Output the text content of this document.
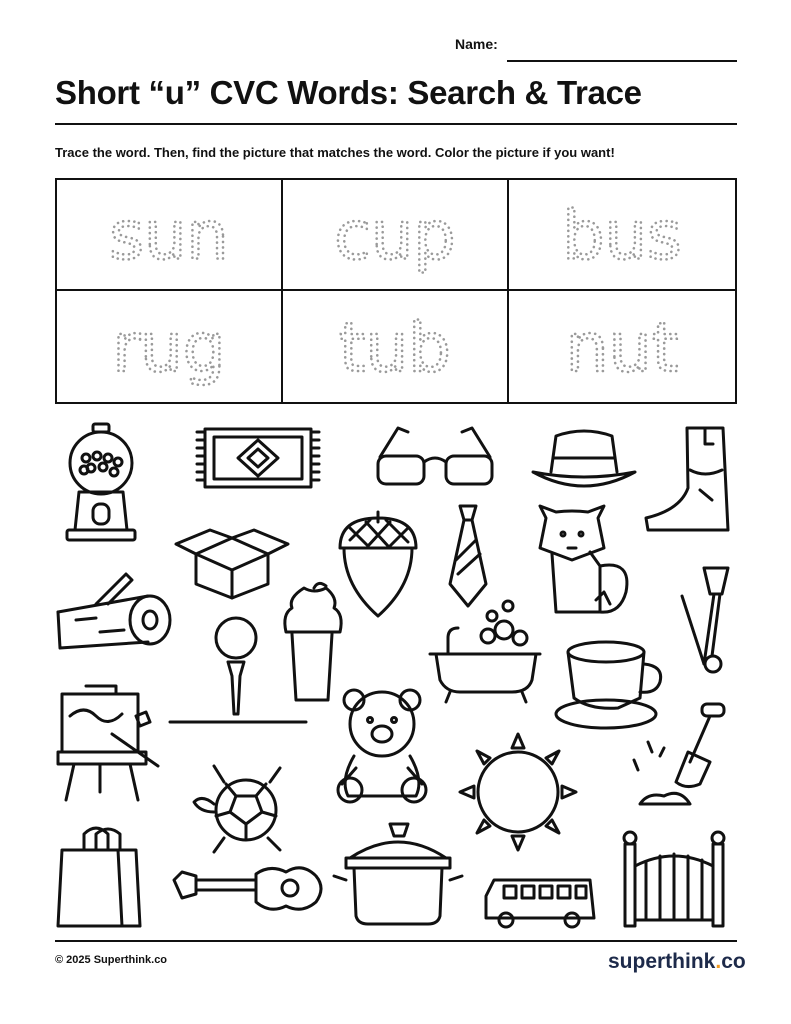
Name:
Short “u” CVC Words: Search & Trace
Trace the word. Then, find the picture that matches the word. Color the picture if you want!
sun cup bus
rug tub nut
© 2025 Superthink.co	superthink.co
